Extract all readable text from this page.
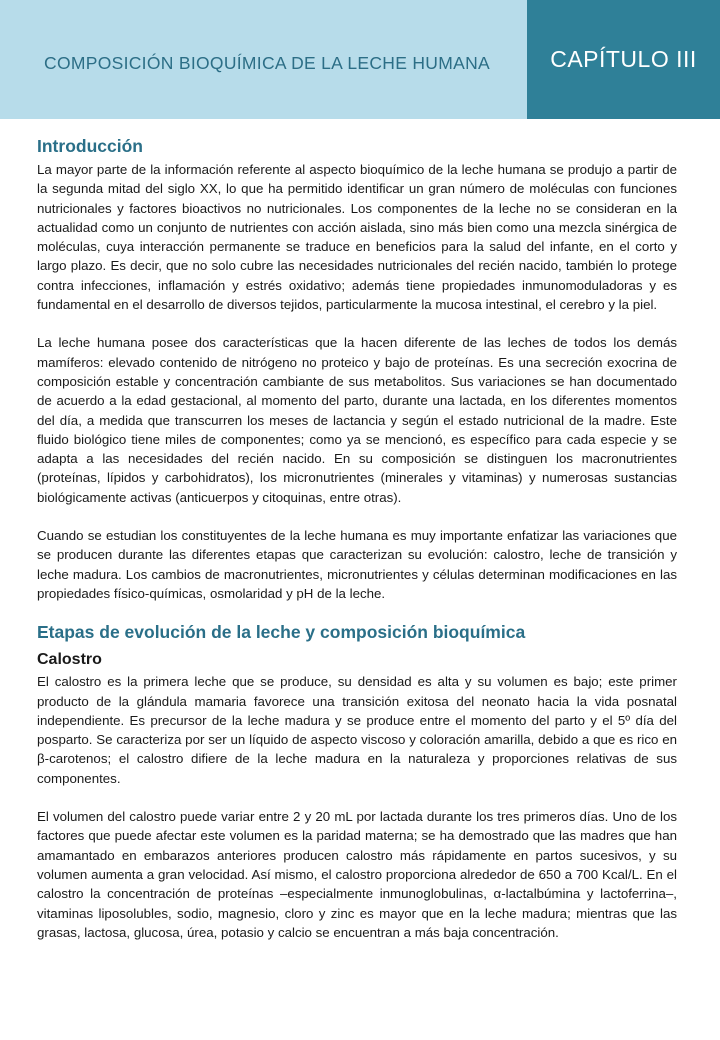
COMPOSICIÓN BIOQUÍMICA DE LA LECHE HUMANA	CAPÍTULO III
Introducción

La mayor parte de la información referente al aspecto bioquímico de la leche humana se produjo a partir de la segunda mitad del siglo XX, lo que ha permitido identificar un gran número de moléculas con funciones nutricionales y factores bioactivos no nutricionales. Los componentes de la leche no se consideran en la actualidad como un conjunto de nutrientes con acción aislada, sino más bien como una mezcla sinérgica de moléculas, cuya interacción permanente se traduce en beneficios para la salud del infante, en el corto y largo plazo. Es decir, que no solo cubre las necesidades nutricionales del recién nacido, también lo protege contra infecciones, inflamación y estrés oxidativo; además tiene propiedades inmunomoduladoras y es fundamental en el desarrollo de diversos tejidos, particularmente la mucosa intestinal, el cerebro y la piel.

La leche humana posee dos características que la hacen diferente de las leches de todos los demás mamíferos: elevado contenido de nitrógeno no proteico y bajo de proteínas. Es una secreción exocrina de composición estable y concentración cambiante de sus metabolitos. Sus variaciones se han documentado de acuerdo a la edad gestacional, al momento del parto, durante una lactada, en los diferentes momentos del día, a medida que transcurren los meses de lactancia y según el estado nutricional de la madre. Este fluido biológico tiene miles de componentes; como ya se mencionó, es específico para cada especie y se adapta a las necesidades del recién nacido. En su composición se distinguen los macronutrientes (proteínas, lípidos y carbohidratos), los micronutrientes (minerales y vitaminas) y numerosas sustancias biológicamente activas (anticuerpos y citoquinas, entre otras).

Cuando se estudian los constituyentes de la leche humana es muy importante enfatizar las variaciones que se producen durante las diferentes etapas que caracterizan su evolución: calostro, leche de transición y leche madura. Los cambios de macronutrientes, micronutrientes y células determinan modificaciones en las propiedades físico-químicas, osmolaridad y pH de la leche.

Etapas de evolución de la leche y composición bioquímica
Calostro

El calostro es la primera leche que se produce, su densidad es alta y su volumen es bajo; este primer producto de la glándula mamaria favorece una transición exitosa del neonato hacia la vida posnatal independiente. Es precursor de la leche madura y se produce entre el momento del parto y el 5º día del posparto. Se caracteriza por ser un líquido de aspecto viscoso y coloración amarilla, debido a que es rico en β-carotenos; el calostro difiere de la leche madura en la naturaleza y proporciones relativas de sus componentes.

El volumen del calostro puede variar entre 2 y 20 mL por lactada durante los tres primeros días. Uno de los factores que puede afectar este volumen es la paridad materna; se ha demostrado que las madres que han amamantado en embarazos anteriores producen calostro más rápidamente en partos sucesivos, y su volumen aumenta a gran velocidad. Así mismo, el calostro proporciona alrededor de 650 a 700 Kcal/L. En el calostro la concentración de proteínas –especialmente inmunoglobulinas, α-lactalbúmina y lactoferrina–, vitaminas liposolubles, sodio, magnesio, cloro y zinc es mayor que en la leche madura; mientras que las grasas, lactosa, glucosa, úrea, potasio y calcio se encuentran a más baja concentración.
